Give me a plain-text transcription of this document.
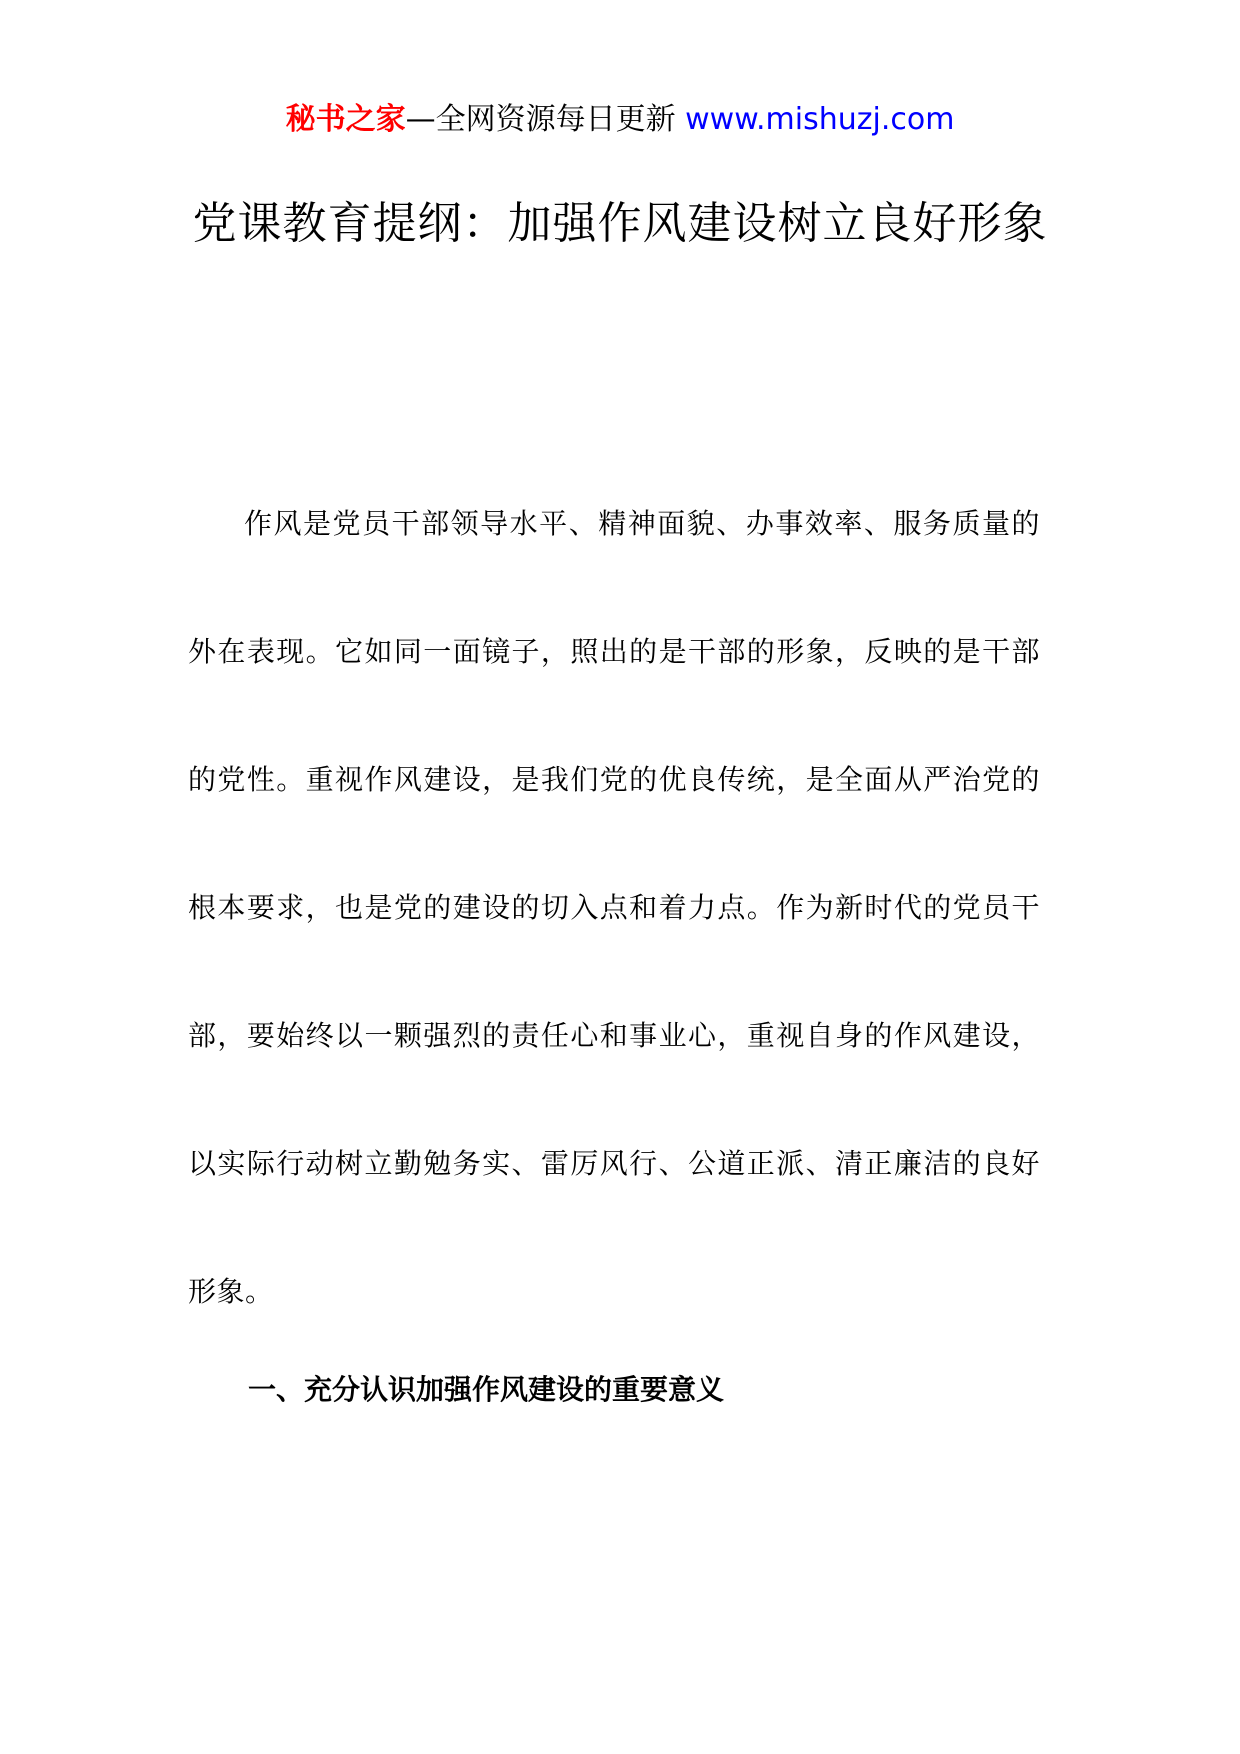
秘书之家—全网资源每日更新 www.mishuzj.com
党课教育提纲：加强作风建设树立良好形象

作风是党员干部领导水平、精神面貌、办事效率、服务质量的外在表现。它如同一面镜子，照出的是干部的形象，反映的是干部的党性。重视作风建设，是我们党的优良传统，是全面从严治党的根本要求，也是党的建设的切入点和着力点。作为新时代的党员干部，要始终以一颗强烈的责任心和事业心，重视自身的作风建设，以实际行动树立勤勉务实、雷厉风行、公道正派、清正廉洁的良好形象。

一、充分认识加强作风建设的重要意义
